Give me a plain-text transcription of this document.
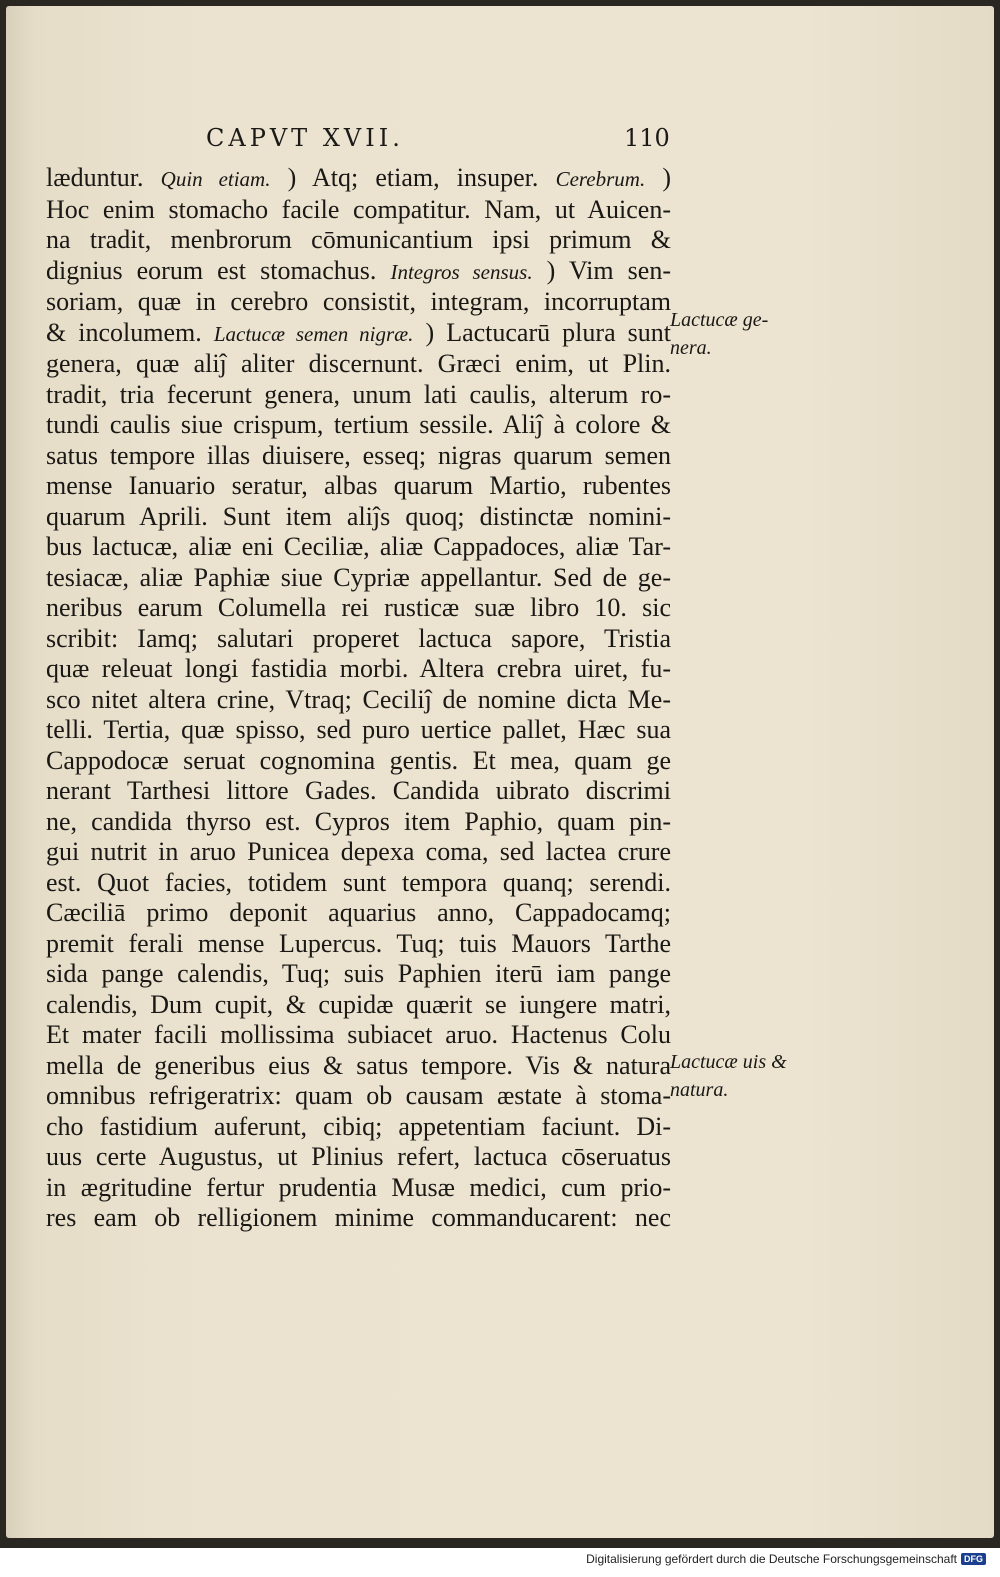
CAPVT XVII.	110
læduntur. Quin etiam. ) Atq; etiam, insuper. Cerebrum. )
Hoc enim stomacho facile compatitur. Nam, ut Auicen-
na tradit, menbrorum cōmunicantium ipsi primum &
dignius eorum est stomachus. Integros sensus. ) Vim sen-
soriam, quæ in cerebro consistit, integram, incorruptam
& incolumem. Lactucæ semen nigræ. ) Lactucarū plura sunt
genera, quæ aliĵ aliter discernunt. Græci enim, ut Plin.
tradit, tria fecerunt genera, unum lati caulis, alterum ro-
tundi caulis siue crispum, tertium sessile. Aliĵ à colore &
satus tempore illas diuisere, esseq; nigras quarum semen
mense Ianuario seratur, albas quarum Martio, rubentes
quarum Aprili. Sunt item aliĵs quoq; distinctæ nomini-
bus lactucæ, aliæ eni Ceciliæ, aliæ Cappadoces, aliæ Tar-
tesiacæ, aliæ Paphiæ siue Cypriæ appellantur. Sed de ge-
neribus earum Columella rei rusticæ suæ libro 10. sic
scribit: Iamq; salutari properet lactuca sapore, Tristia
quæ releuat longi fastidia morbi. Altera crebra uiret, fu-
sco nitet altera crine, Vtraq; Ceciliĵ de nomine dicta Me-
telli. Tertia, quæ spisso, sed puro uertice pallet, Hæc sua
Cappodocæ seruat cognomina gentis. Et mea, quam ge
nerant Tarthesi littore Gades. Candida uibrato discrimi
ne, candida thyrso est. Cypros item Paphio, quam pin-
gui nutrit in aruo Punicea depexa coma, sed lactea crure
est. Quot facies, totidem sunt tempora quanq; serendi.
Cæciliā primo deponit aquarius anno, Cappadocamq;
premit ferali mense Lupercus. Tuq; tuis Mauors Tarthe
sida pange calendis, Tuq; suis Paphien iterū iam pange
calendis, Dum cupit, & cupidæ quærit se iungere matri,
Et mater facili mollissima subiacet aruo. Hactenus Colu
mella de generibus eius & satus tempore. Vis & natura
omnibus refrigeratrix: quam ob causam æstate à stoma-
cho fastidium auferunt, cibiq; appetentiam faciunt. Di-
uus certe Augustus, ut Plinius refert, lactuca cōseruatus
in ægritudine fertur prudentia Musæ medici, cum prio-
res eam ob relligionem minime commanducarent: nec
Lactucæ ge-
nera.
Lactucæ uis &
natura.
Digitalisierung gefördert durch die Deutsche Forschungsgemeinschaft DFG
